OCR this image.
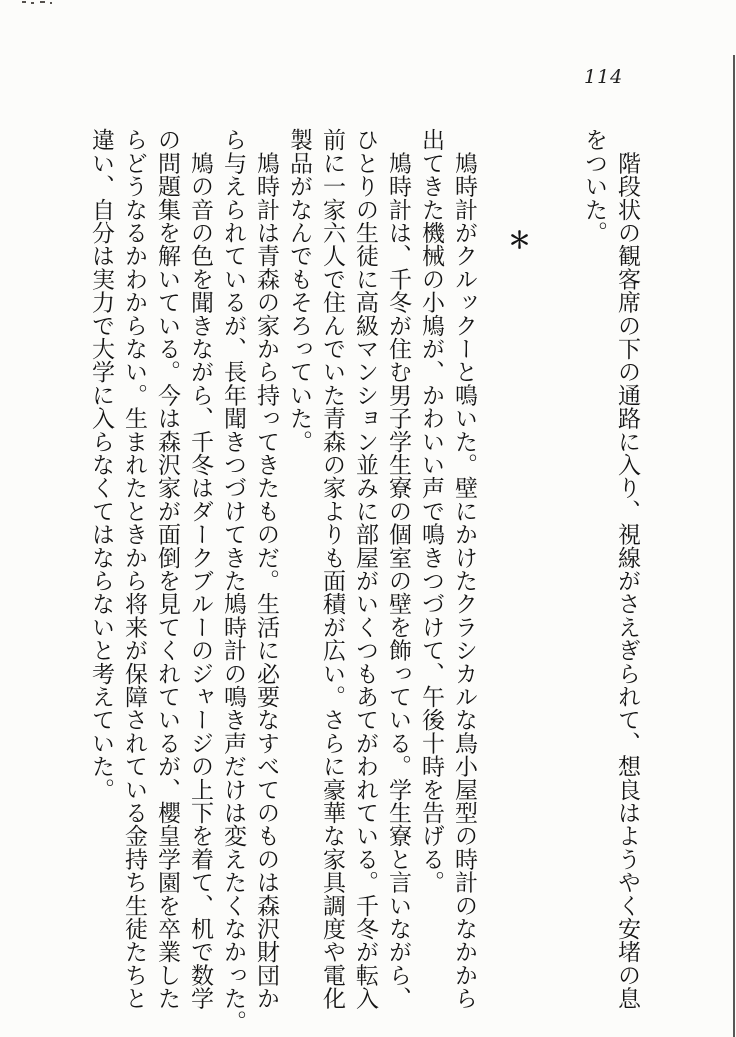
114
　階段状の観客席の下の通路に入り、視線がさえぎられて、想良はようやく安堵の息
をついた。
＊
　鳩時計がクルックーと鳴いた。壁にかけたクラシカルな鳥小屋型の時計のなかから
出てきた機械の小鳩が、かわいい声で鳴きつづけて、午後十時を告げる。
　鳩時計は、千冬が住む男子学生寮の個室の壁を飾っている。学生寮と言いながら、
ひとりの生徒に高級マンション並みに部屋がいくつもあてがわれている。千冬が転入
前に一家六人で住んでいた青森の家よりも面積が広い。さらに豪華な家具調度や電化
製品がなんでもそろっていた。
　鳩時計は青森の家から持ってきたものだ。生活に必要なすべてのものは森沢財団か
ら与えられているが、長年聞きつづけてきた鳩時計の鳴き声だけは変えたくなかった。
　鳩の音の色を聞きながら、千冬はダークブルーのジャージの上下を着て、机で数学
の問題集を解いている。今は森沢家が面倒を見てくれているが、櫻皇学園を卒業した
らどうなるかわからない。生まれたときから将来が保障されている金持ち生徒たちと
違い、自分は実力で大学に入らなくてはならないと考えていた。
